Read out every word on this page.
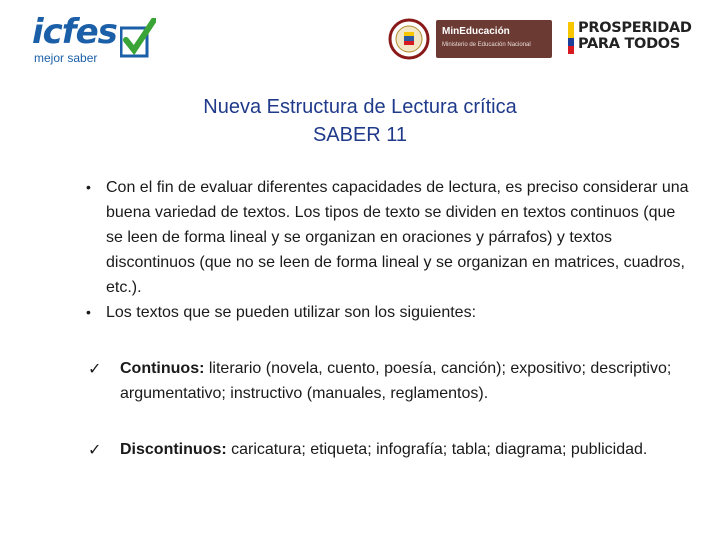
icfes
mejor saber
MinEducación
Ministerio de Educación Nacional
PROSPERIDAD
PARA TODOS
Nueva Estructura de Lectura crítica
SABER 11
• Con el fin de evaluar diferentes capacidades de lectura, es preciso considerar una buena variedad de textos. Los tipos de texto se dividen en textos continuos (que se leen de forma lineal y se organizan en oraciones y párrafos) y textos discontinuos (que no se leen de forma lineal y se organizan en matrices, cuadros, etc.).

• Los textos que se pueden utilizar son los siguientes:

✓ Continuos: literario (novela, cuento, poesía, canción); expositivo; descriptivo; argumentativo; instructivo (manuales, reglamentos).

✓ Discontinuos: caricatura; etiqueta; infografía; tabla; diagrama; publicidad.
